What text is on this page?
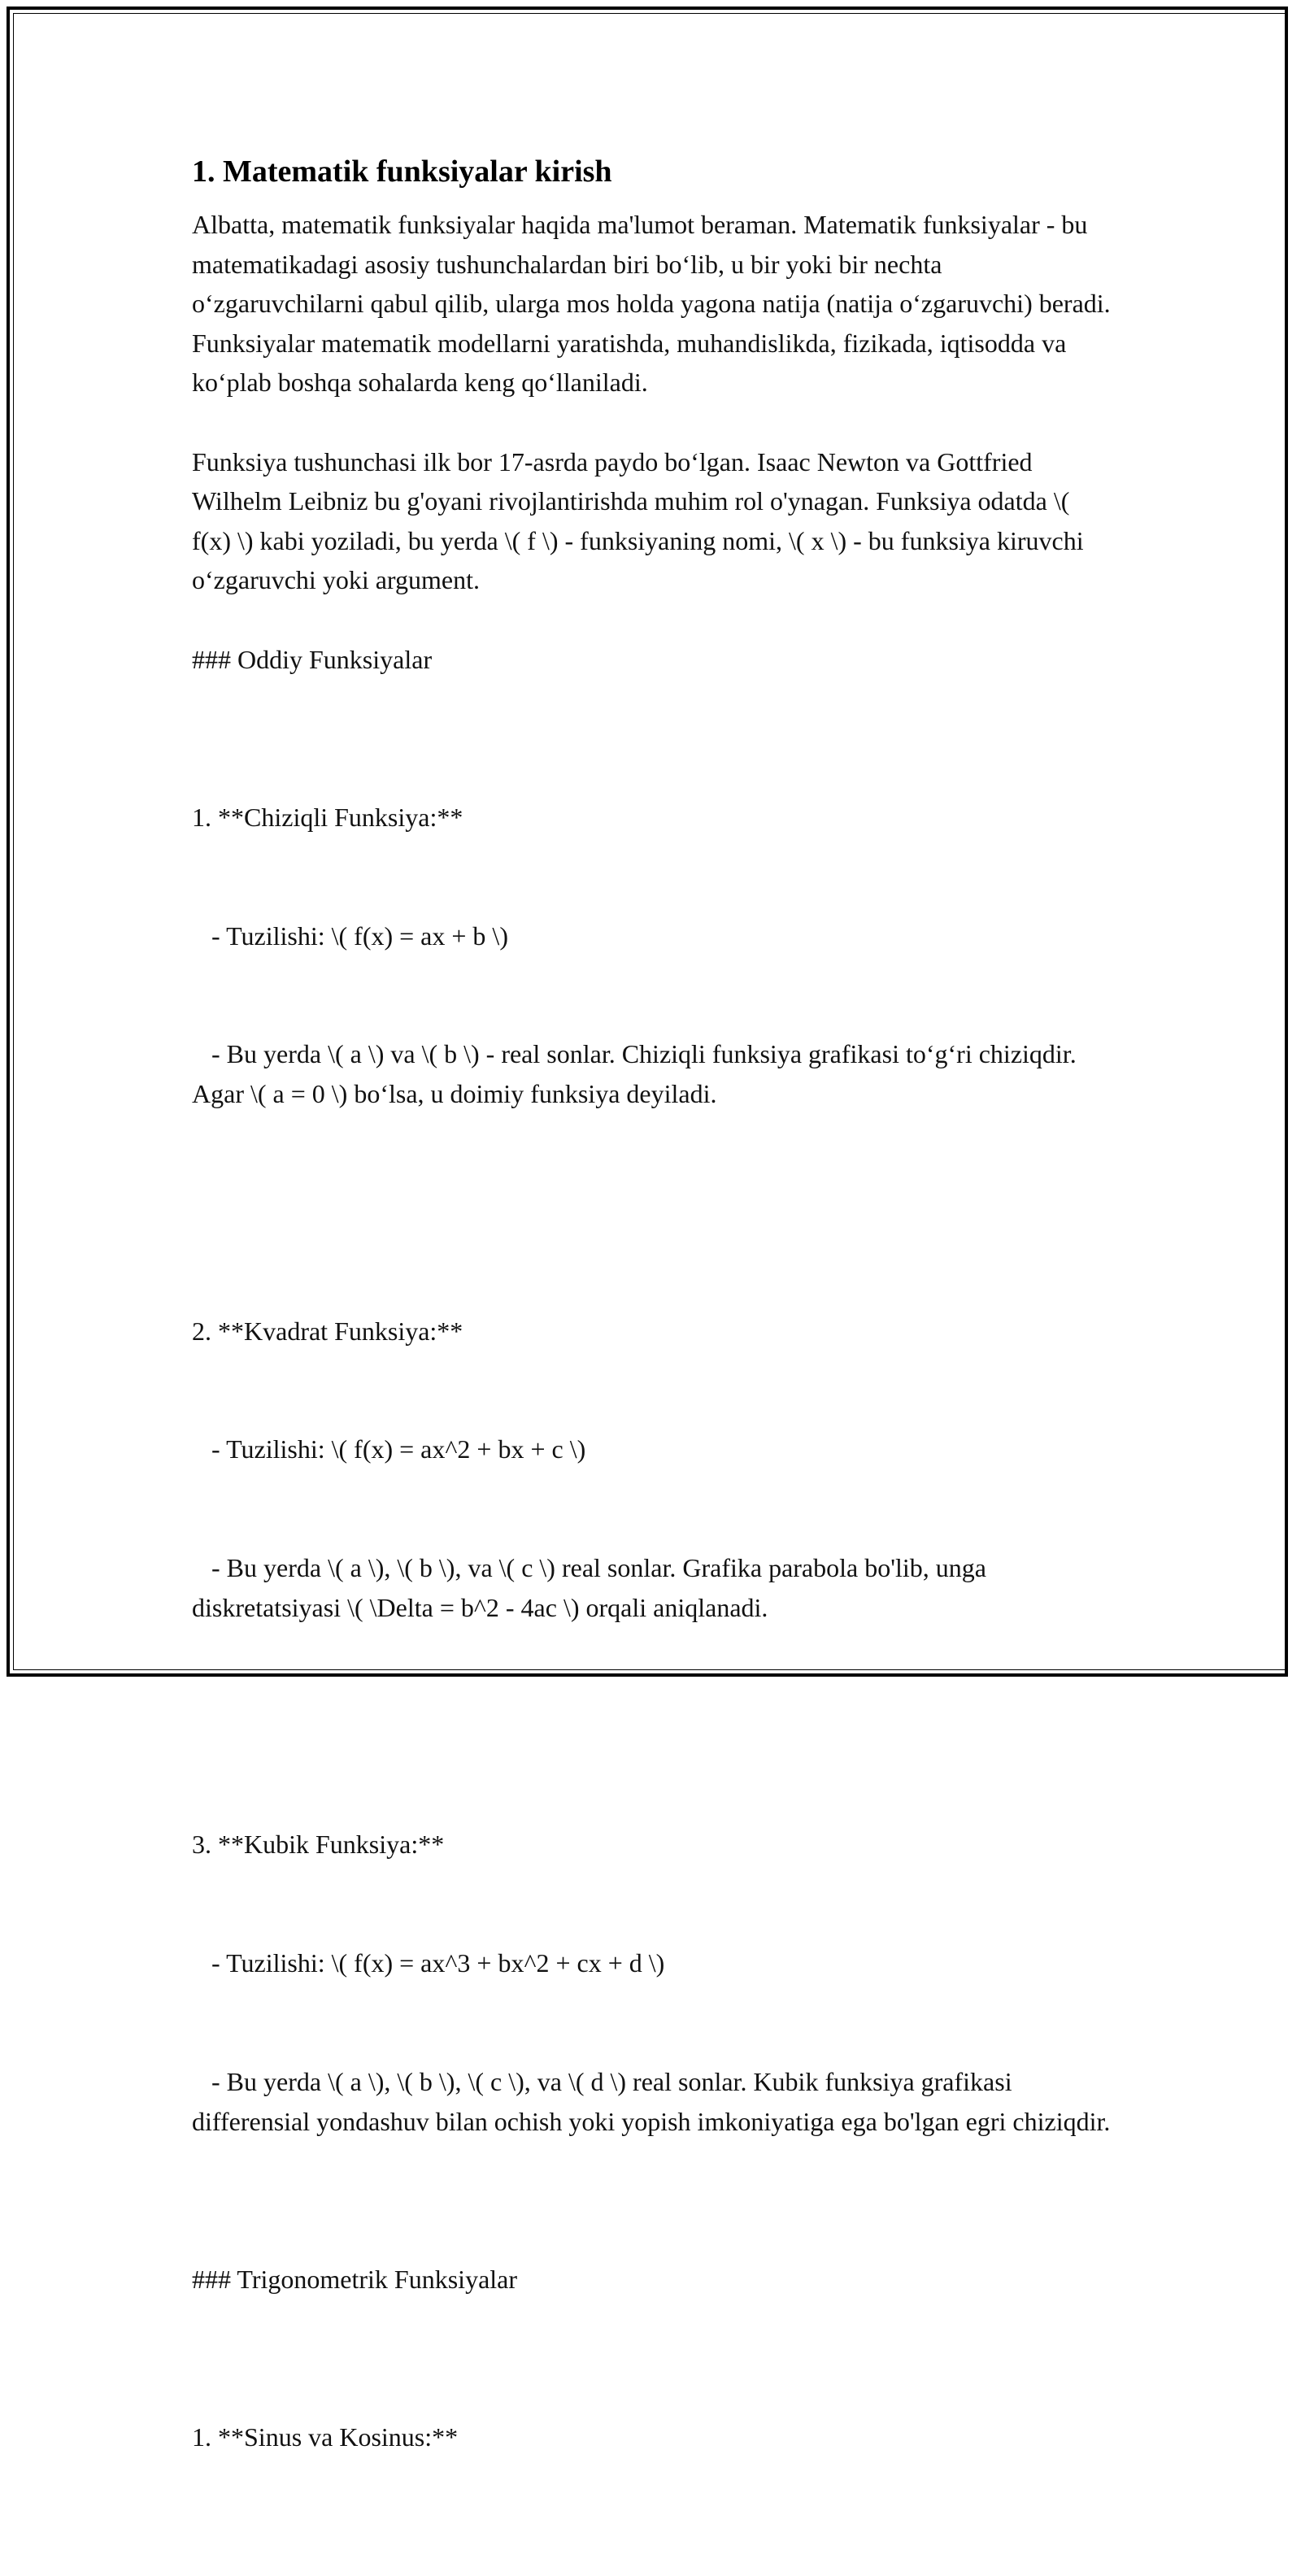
1. Matematik funksiyalar kirish

Albatta, matematik funksiyalar haqida ma'lumot beraman. Matematik funksiyalar - bu matematikadagi asosiy tushunchalardan biri bo‘lib, u bir yoki bir nechta o‘zgaruvchilarni qabul qilib, ularga mos holda yagona natija (natija o‘zgaruvchi) beradi. Funksiyalar matematik modellarni yaratishda, muhandislikda, fizikada, iqtisodda va ko‘plab boshqa sohalarda keng qo‘llaniladi.

Funksiya tushunchasi ilk bor 17-asrda paydo bo‘lgan. Isaac Newton va Gottfried Wilhelm Leibniz bu g'oyani rivojlantirishda muhim rol o'ynagan. Funksiya odatda \( f(x) \) kabi yoziladi, bu yerda \( f \) - funksiyaning nomi, \( x \) - bu funksiya kiruvchi o‘zgaruvchi yoki argument.

### Oddiy Funksiyalar

1. **Chiziqli Funksiya:**

- Tuzilishi: \( f(x) = ax + b \)

- Bu yerda \( a \) va \( b \) - real sonlar. Chiziqli funksiya grafikasi to‘g‘ri chiziqdir. Agar \( a = 0 \) bo‘lsa, u doimiy funksiya deyiladi.

2. **Kvadrat Funksiya:**

- Tuzilishi: \( f(x) = ax^2 + bx + c \)

- Bu yerda \( a \), \( b \), va \( c \) real sonlar. Grafika parabola bo'lib, unga diskretatsiyasi \( \Delta = b^2 - 4ac \) orqali aniqlanadi.

3. **Kubik Funksiya:**

- Tuzilishi: \( f(x) = ax^3 + bx^2 + cx + d \)

- Bu yerda \( a \), \( b \), \( c \), va \( d \) real sonlar. Kubik funksiya grafikasi differensial yondashuv bilan ochish yoki yopish imkoniyatiga ega bo'lgan egri chiziqdir.

### Trigonometrik Funksiyalar

1. **Sinus va Kosinus:**
